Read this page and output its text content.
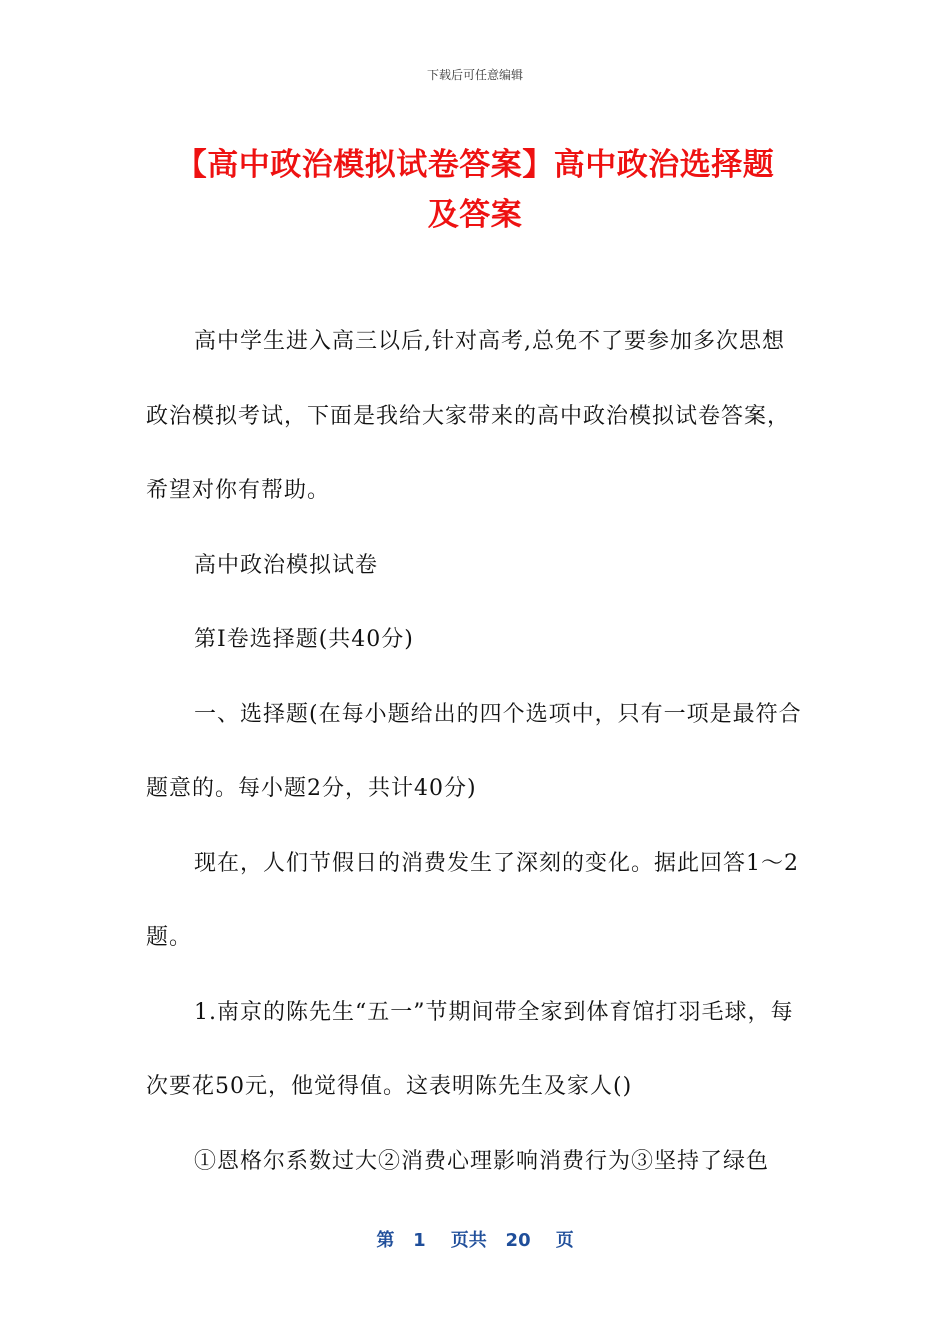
下载后可任意编辑
【高中政治模拟试卷答案】高中政治选择题
及答案

高中学生进入高三以后,针对高考,总免不了要参加多次思想政治模拟考试，下面是我给大家带来的高中政治模拟试卷答案，希望对你有帮助。

高中政治模拟试卷

第Ⅰ卷选择题(共40分)

一、选择题(在每小题给出的四个选项中，只有一项是最符合题意的。每小题2分，共计40分)

现在，人们节假日的消费发生了深刻的变化。据此回答1～2题。

1.南京的陈先生“五一”节期间带全家到体育馆打羽毛球，每次要花50元，他觉得值。这表明陈先生及家人()

①恩格尔系数过大②消费心理影响消费行为③坚持了绿色

第 1 页共 20 页
